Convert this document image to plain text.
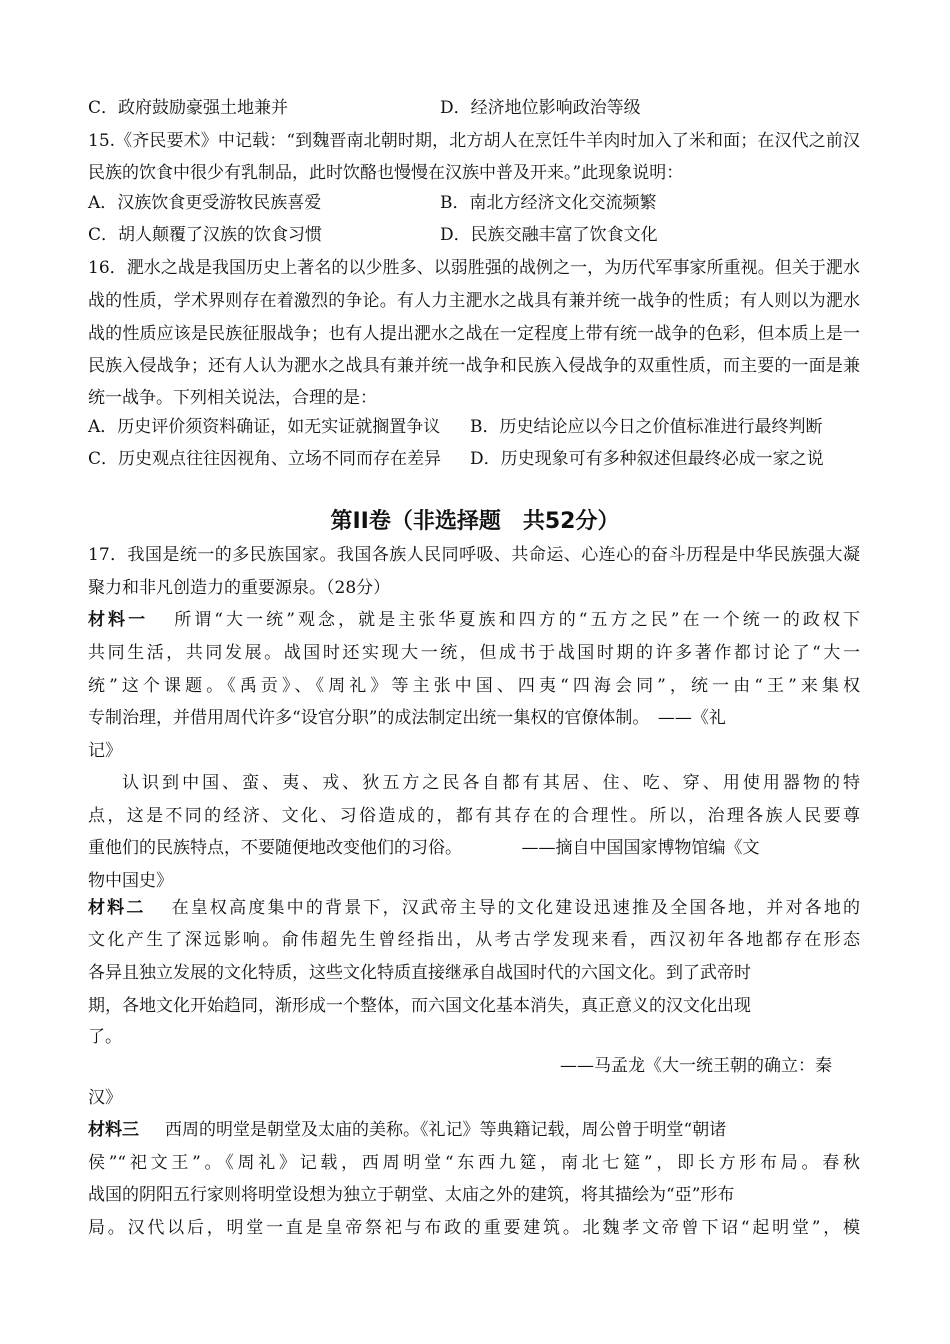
C．政府鼓励豪强土地兼并	D．经济地位影响政治等级
15.《齐民要术》中记载：“到魏晋南北朝时期，北方胡人在烹饪牛羊肉时加入了米和面；在汉代之前汉
民族的饮食中很少有乳制品，此时饮酪也慢慢在汉族中普及开来。”此现象说明：
A．汉族饮食更受游牧民族喜爱	B．南北方经济文化交流频繁
C．胡人颠覆了汉族的饮食习惯	D．民族交融丰富了饮食文化
16．淝水之战是我国历史上著名的以少胜多、以弱胜强的战例之一，为历代军事家所重视。但关于淝水
战的性质，学术界则存在着激烈的争论。有人力主淝水之战具有兼并统一战争的性质；有人则以为淝水
战的性质应该是民族征服战争；也有人提出淝水之战在一定程度上带有统一战争的色彩，但本质上是一
民族入侵战争；还有人认为淝水之战具有兼并统一战争和民族入侵战争的双重性质，而主要的一面是兼
统一战争。下列相关说法，合理的是：
A．历史评价须资料确证，如无实证就搁置争议 B．历史结论应以今日之价值标准进行最终判断
C．历史观点往往因视角、立场不同而存在差异 D．历史现象可有多种叙述但最终必成一家之说
第II卷（非选择题　共52分）
17．我国是统一的多民族国家。我国各族人民同呼吸、共命运、心连心的奋斗历程是中华民族强大凝
聚力和非凡创造力的重要源泉。（28分）
材料一 所谓“大一统”观念，就是主张华夏族和四方的“五方之民”在一个统一的政权下
共同生活，共同发展。战国时还实现大一统，但成书于战国时期的许多著作都讨论了“大一
统”这个课题。《禹贡》、《周礼》等主张中国、四夷“四海会同”，统一由“王”来集权
专制治理，并借用周代许多“设官分职”的成法制定出统一集权的官僚体制。　——《礼
记》
认识到中国、蛮、夷、戎、狄五方之民各自都有其居、住、吃、穿、用使用器物的特
点，这是不同的经济、文化、习俗造成的，都有其存在的合理性。所以，治理各族人民要尊
重他们的民族特点，不要随便地改变他们的习俗。　　　　——摘自中国国家博物馆编《文
物中国史》
材料二 在皇权高度集中的背景下，汉武帝主导的文化建设迅速推及全国各地，并对各地的
文化产生了深远影响。俞伟超先生曾经指出，从考古学发现来看，西汉初年各地都存在形态
各异且独立发展的文化特质，这些文化特质直接继承自战国时代的六国文化。到了武帝时
期，各地文化开始趋同，渐形成一个整体，而六国文化基本消失，真正意义的汉文化出现
了。
——马孟龙《大一统王朝的确立：秦
汉》
材料三 西周的明堂是朝堂及太庙的美称。《礼记》等典籍记载，周公曾于明堂“朝诸
侯”“祀文王”。《周礼》记载，西周明堂“东西九筵，南北七筵”，即长方形布局。春秋
战国的阴阳五行家则将明堂设想为独立于朝堂、太庙之外的建筑，将其描绘为“亞”形布
局。汉代以后，明堂一直是皇帝祭祀与布政的重要建筑。北魏孝文帝曾下诏“起明堂”，模
